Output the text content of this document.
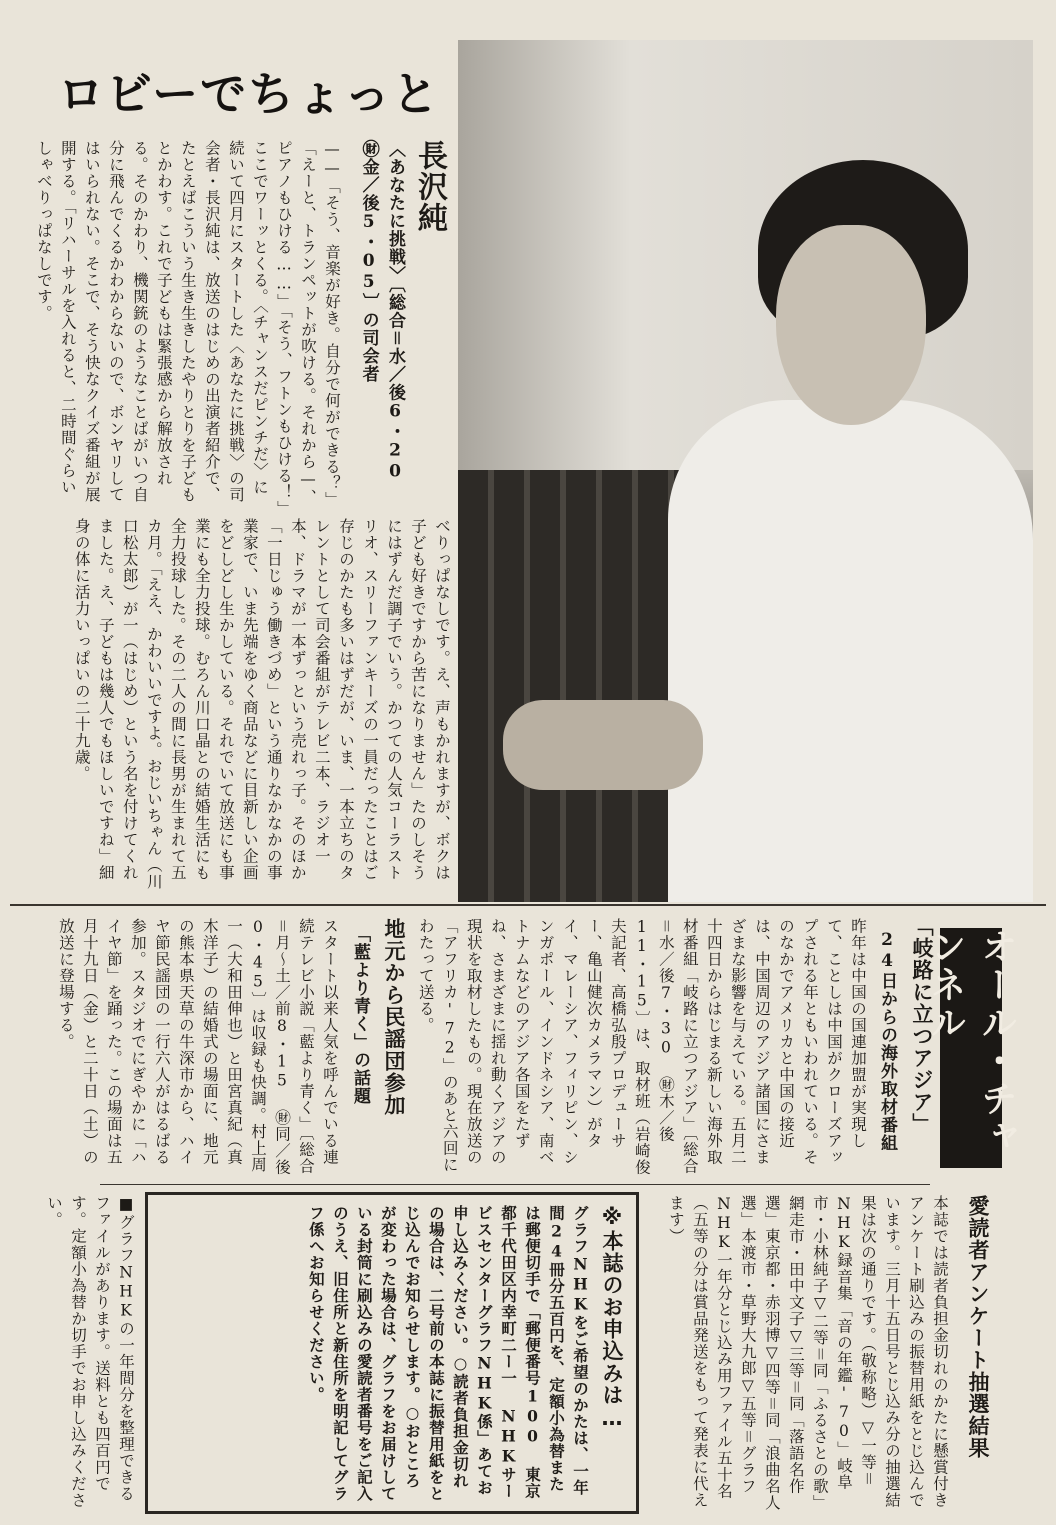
ロビーでちょっと
長沢純
〈あなたに挑戦〉〔総合＝水／後6・20 ㊖金／後5・05〕の司会者
——「そう、音楽が好き。自分で何ができる？」「えーと、トランペットが吹ける。それから—、ピアノもひける……」「そう、フトンもひける！」ここでワーッとくる。〈チャンスだピンチだ〉に続いて四月にスタートした〈あなたに挑戦〉の司会者・長沢純は、放送のはじめの出演者紹介で、たとえばこういう生き生きしたやりとりを子どもとかわす。これで子どもは緊張感から解放される。そのかわり、機関銃のようなことばがいつ自分に飛んでくるかわからないので、ボンヤリしてはいられない。そこで、そう快なクイズ番組が展開する。「リハーサルを入れると、二時間ぐらいしゃべりっぱなしです。
べりっぱなしです。え、声もかれますが、ボクは子ども好きですから苦になりません」たのしそうにはずんだ調子でいう。かつての人気コーラストリオ、スリーファンキーズの一員だったことはご存じのかたも多いはずだが、いま、一本立ちのタレントとして司会番組がテレビ二本、ラジオ一本、ドラマが一本ずっという売れっ子。そのほか「一日じゅう働きづめ」という通りなかなかの事業家で、いま先端をゆく商品などに目新しい企画をどしどし生かしている。それでいて放送にも事業にも全力投球。むろん川口晶との結婚生活にも全力投球した。その二人の間に長男が生まれて五カ月。「ええ、かわいいですよ。おじいちゃん（川口松太郎）が一（はじめ）という名を付けてくれました。え、子どもは幾人でもほしいですね」細身の体に活力いっぱいの二十九歳。
オール・チャンネル
「岐路に立つアジア」
24日からの海外取材番組
昨年は中国の国連加盟が実現して、ことしは中国がクローズアップされる年ともいわれている。そのなかでアメリカと中国の接近は、中国周辺のアジア諸国にさまざまな影響を与えている。五月二十四日からはじまる新しい海外取材番組「岐路に立つアジア」〔総合＝水／後7・30 ㊖木／後11・15〕は、取材班（岩崎俊夫記者、高橋弘殷プロデューサー、亀山健次カメラマン）がタイ、マレーシア、フィリピン、シンガポール、インドネシア、南ベトナムなどのアジア各国をたずね、さまざまに揺れ動くアジアの現状を取材したもの。現在放送の「アフリカ'72」のあと六回にわたって送る。
地元から民謡団参加
「藍より青く」の話題
スタート以来人気を呼んでいる連続テレビ小説「藍より青く」〔総合＝月〜土／前8・15 ㊖同／後0・45〕は収録も快調。村上周一（大和田伸也）と田宮真紀（真木洋子）の結婚式の場面に、地元の熊本県天草の牛深市から、ハイヤ節民謡団の一行六人がはるばる参加。スタジオでにぎやかに「ハイヤ節」を踊った。この場面は五月十九日（金）と二十日（土）の放送に登場する。
愛読者アンケート抽選結果
本誌では読者負担金切れのかたに懸賞付きアンケート刷込みの振替用紙をとじ込んでいます。三月十五日号とじ込み分の抽選結果は次の通りです。（敬称略）▽一等＝NHK録音集「音の年鑑'70」岐阜市・小林純子▽二等＝同「ふるさとの歌」網走市・田中文子▽三等＝同「落語名作選」東京都・赤羽博▽四等＝同「浪曲名人選」本渡市・草野大九郎▽五等＝グラフNHK一年分とじ込み用ファイル五十名（五等の分は賞品発送をもって発表に代えます）
※本誌のお申込みは…
グラフNHKをご希望のかたは、一年間24冊分五百円を、定額小為替または郵便切手で「郵便番号100 東京都千代田区内幸町二ー一 NHKサービスセンターグラフNHK係」あてお申し込みください。○読者負担金切れの場合は、二号前の本誌に振替用紙をとじ込んでお知らせします。○おところが変わった場合は、グラフをお届けしている封筒に刷込みの愛読者番号をご記入のうえ、旧住所と新住所を明記してグラフ係へお知らせください。
■グラフNHKの一年間分を整理できるファイルがあります。送料とも四百円です。定額小為替か切手でお申し込みください。
